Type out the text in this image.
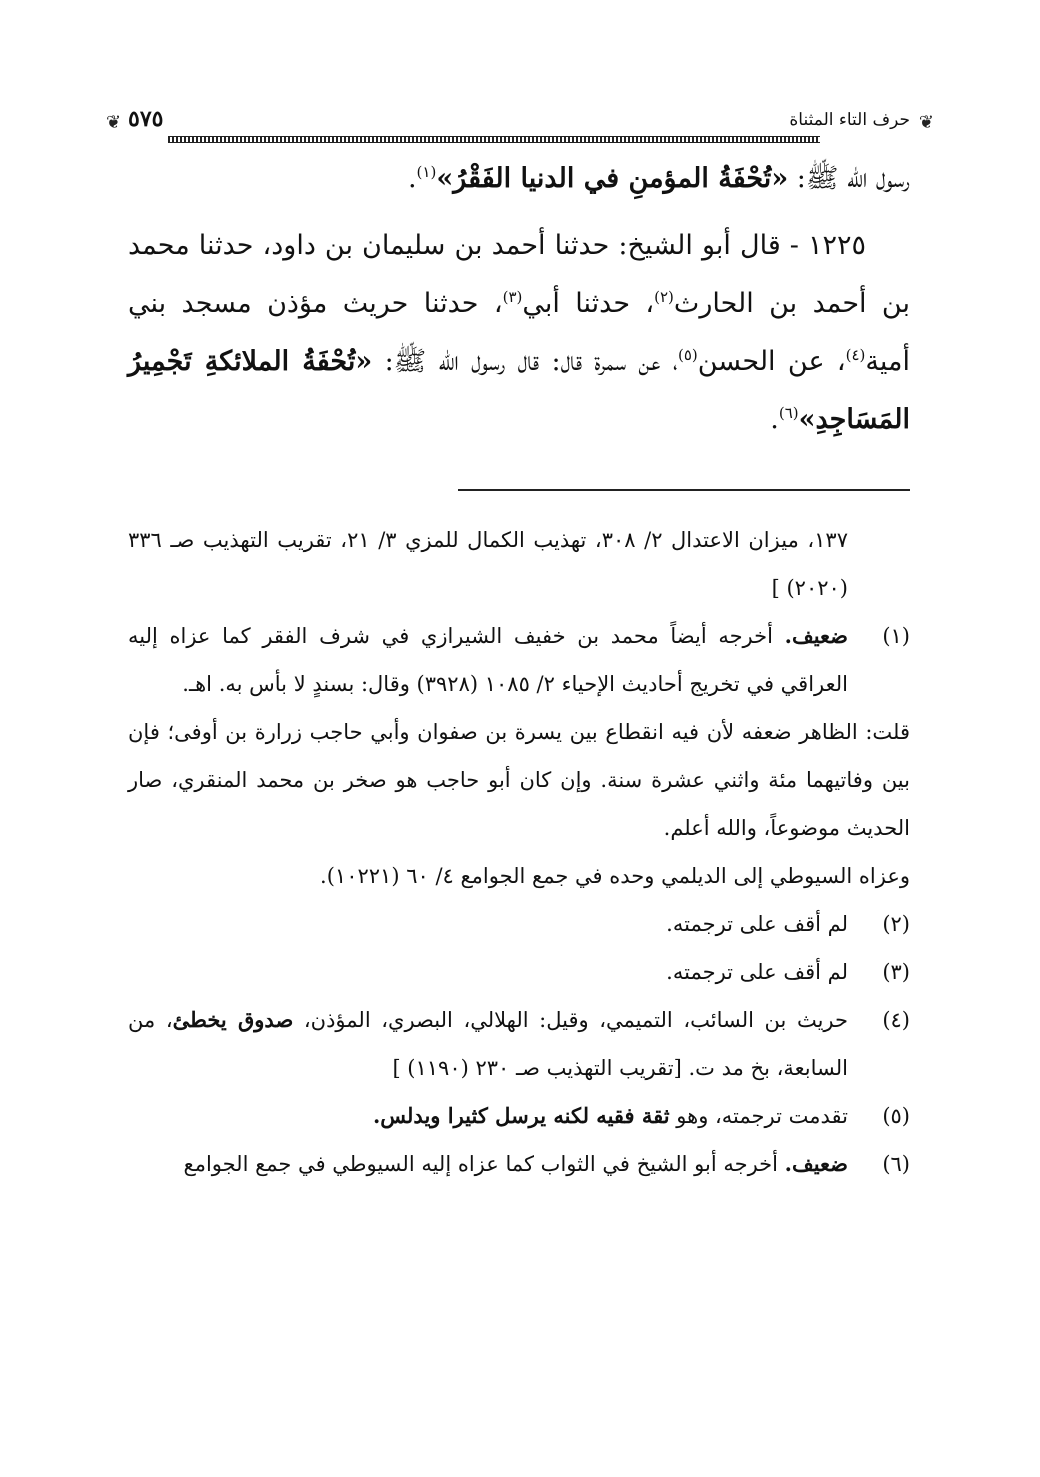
❦ ٥٧٥	حرف التاء المثناة ❦

رسول الله ﷺ: «تُحْفَةُ المؤمنِ في الدنيا الفَقْرُ»$^{(١)}$.

١٢٢٥ - قال أبو الشيخ: حدثنا أحمد بن سليمان بن داود، حدثنا محمد بن أحمد بن الحارث$^{(٢)}$، حدثنا أبي$^{(٣)}$، حدثنا حريث مؤذن مسجد بني أمية$^{(٤)}$، عن الحسن$^{(٥)}$، عن سمرة قال: قال رسول الله ﷺ: «تُحْفَةُ الملائكةِ تَجْمِيرُ المَسَاجِدِ»$^{(٦)}$.

١٣٧، ميزان الاعتدال ٢/ ٣٠٨، تهذيب الكمال للمزي ٣/ ٢١، تقريب التهذيب صـ ٣٣٦ (٢٠٢٠) ]

(١)
ضعيف. أخرجه أيضاً محمد بن خفيف الشيرازي في شرف الفقر كما عزاه إليه العراقي في تخريج أحاديث الإحياء ٢/ ١٠٨٥ (٣٩٢٨) وقال: بسندٍ لا بأس به. اهـ.

قلت: الظاهر ضعفه لأن فيه انقطاع بين يسرة بن صفوان وأبي حاجب زرارة بن أوفى؛ فإن بين وفاتيهما مئة واثني عشرة سنة. وإن كان أبو حاجب هو صخر بن محمد المنقري، صار الحديث موضوعاً، والله أعلم.

وعزاه السيوطي إلى الديلمي وحده في جمع الجوامع ٤/ ٦٠ (١٠٢٢١).

(٢)
لم أقف على ترجمته.
(٣)
لم أقف على ترجمته.
(٤)
حريث بن السائب، التميمي، وقيل: الهلالي، البصري، المؤذن، صدوق يخطئ، من السابعة، بخ مد ت. [تقريب التهذيب صـ ٢٣٠ (١١٩٠) ]
(٥)
تقدمت ترجمته، وهو ثقة فقيه لكنه يرسل كثيرا ويدلس.
(٦)
ضعيف. أخرجه أبو الشيخ في الثواب كما عزاه إليه السيوطي في جمع الجوامع
